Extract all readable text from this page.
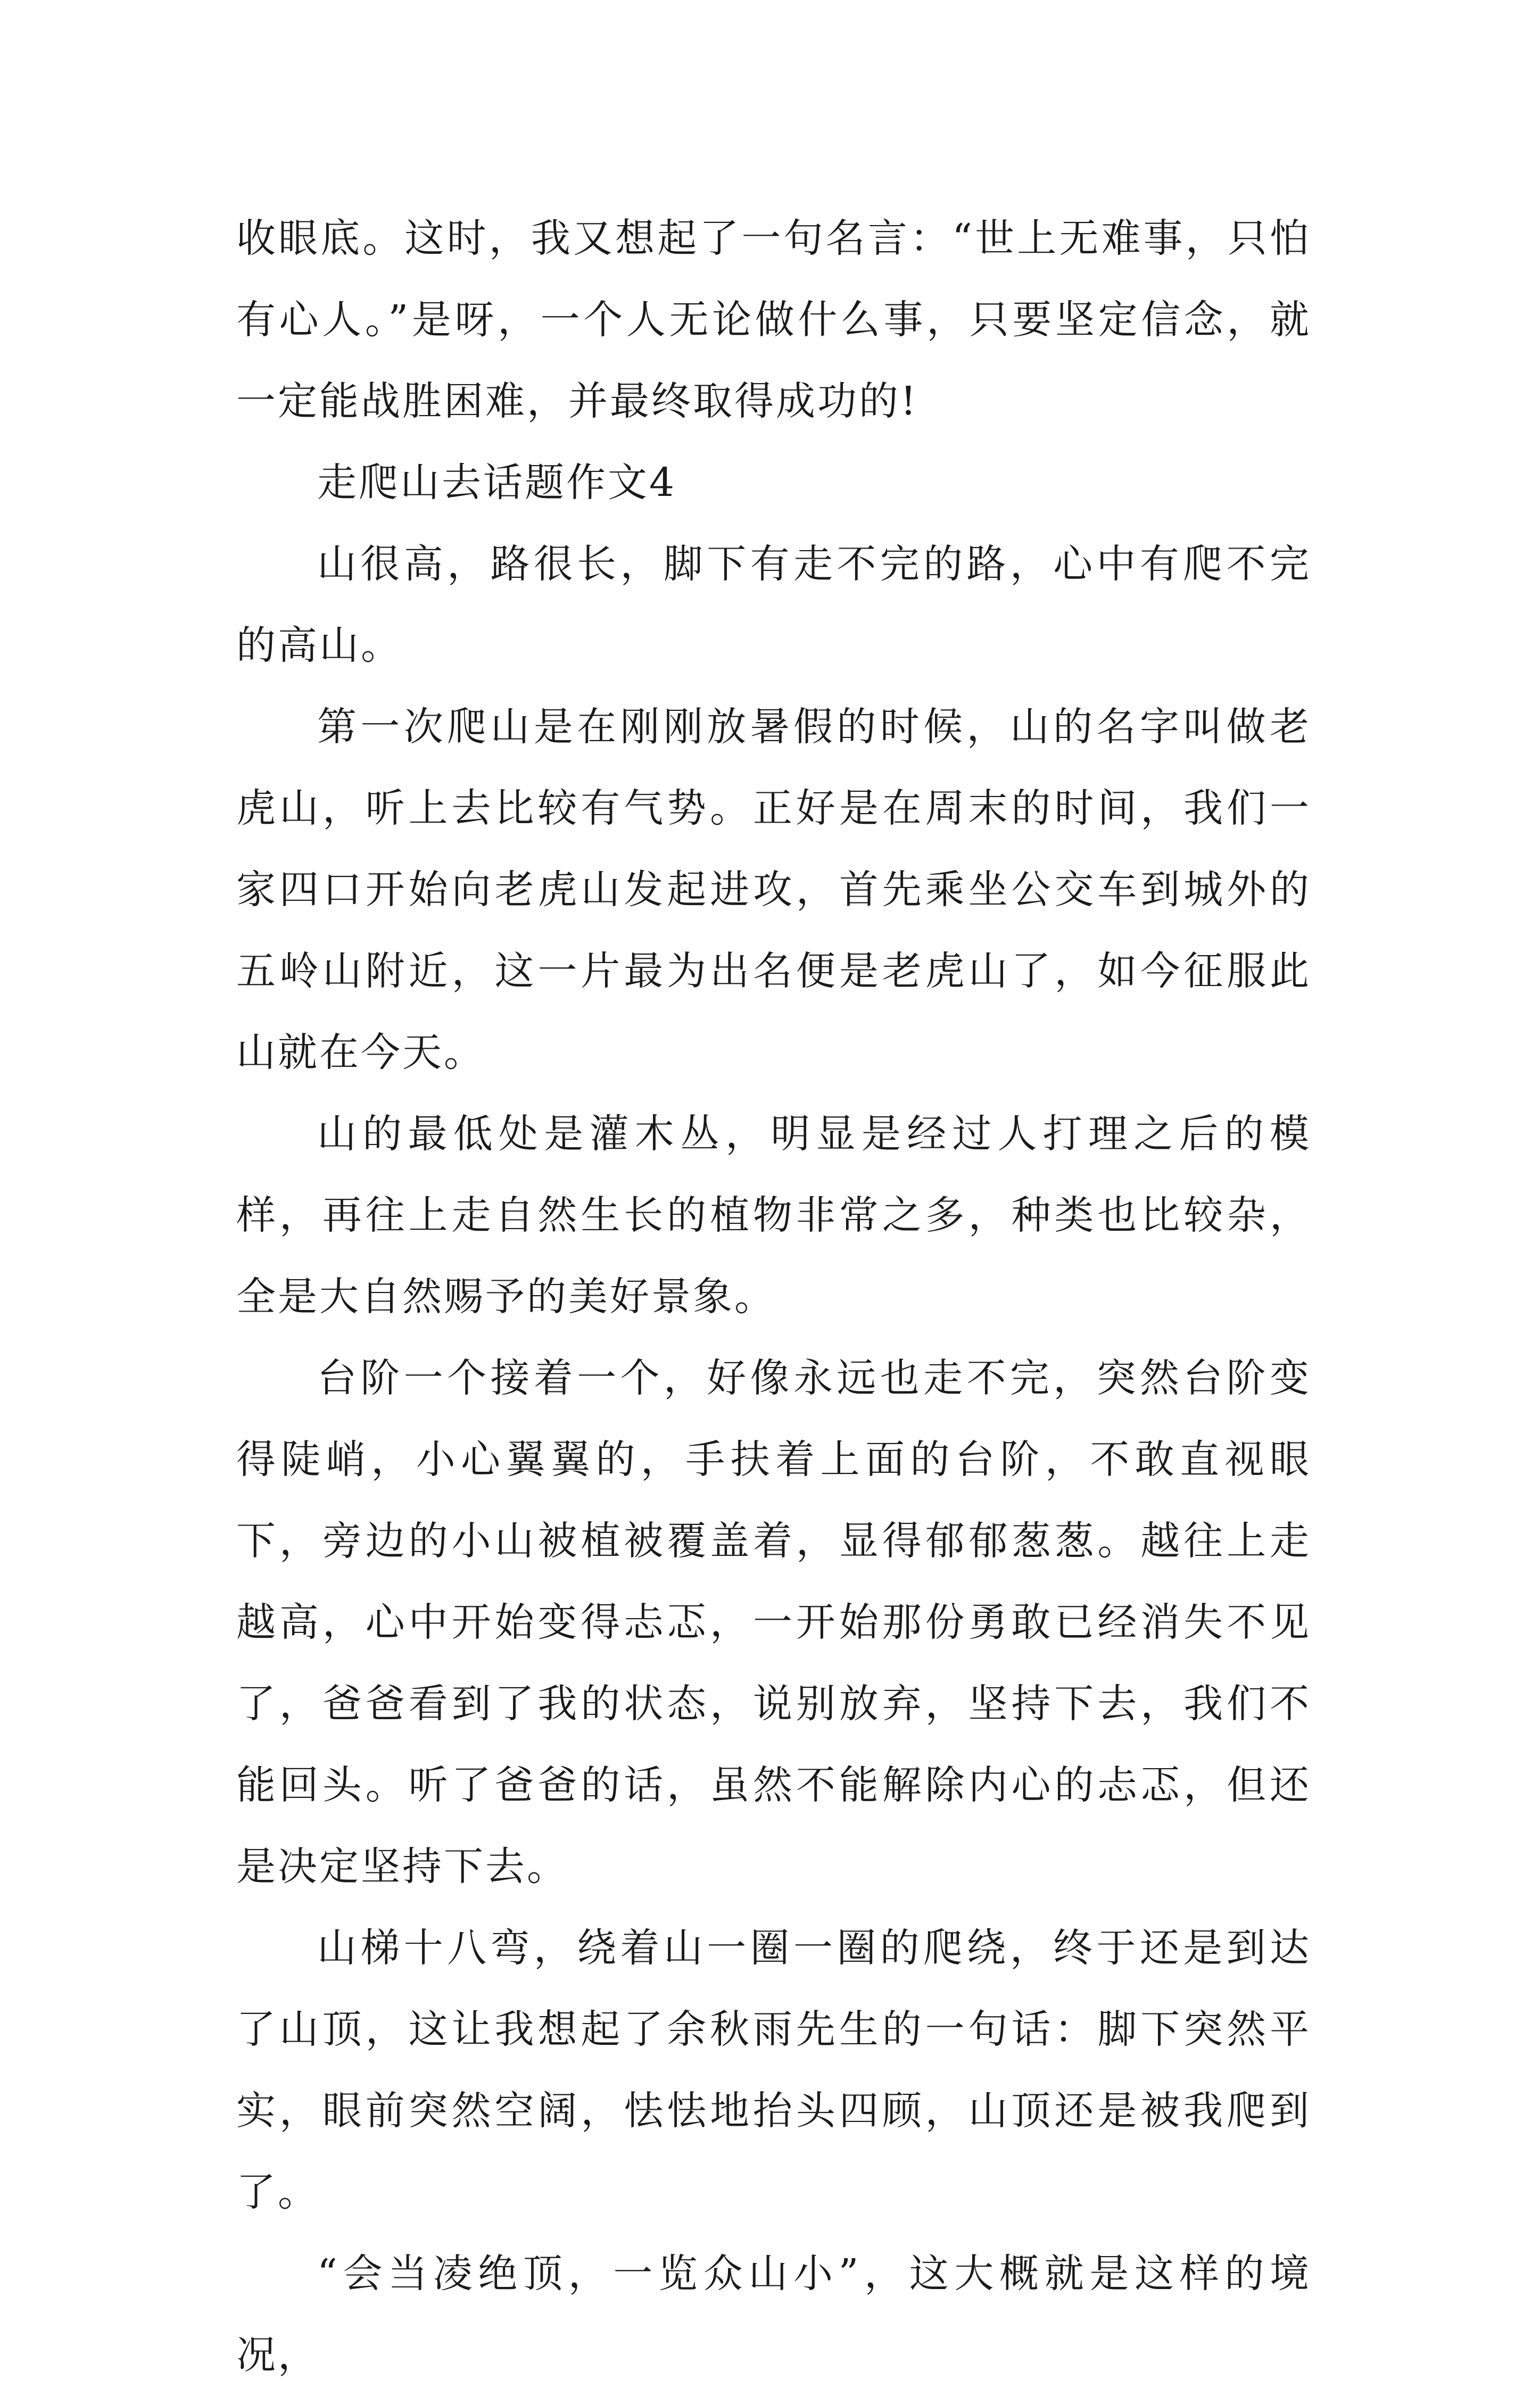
收眼底。这时，我又想起了一句名言：“世上无难事，只怕有心人。”是呀，一个人无论做什么事，只要坚定信念，就一定能战胜困难，并最终取得成功的!

走爬山去话题作文4

山很高，路很长，脚下有走不完的路，心中有爬不完的高山。

第一次爬山是在刚刚放暑假的时候，山的名字叫做老虎山，听上去比较有气势。正好是在周末的时间，我们一家四口开始向老虎山发起进攻，首先乘坐公交车到城外的五岭山附近，这一片最为出名便是老虎山了，如今征服此山就在今天。

山的最低处是灌木丛，明显是经过人打理之后的模样，再往上走自然生长的植物非常之多，种类也比较杂，全是大自然赐予的美好景象。

台阶一个接着一个，好像永远也走不完，突然台阶变得陡峭，小心翼翼的，手扶着上面的台阶，不敢直视眼下，旁边的小山被植被覆盖着，显得郁郁葱葱。越往上走越高，心中开始变得忐忑，一开始那份勇敢已经消失不见了，爸爸看到了我的状态，说别放弃，坚持下去，我们不能回头。听了爸爸的话，虽然不能解除内心的忐忑，但还是决定坚持下去。

山梯十八弯，绕着山一圈一圈的爬绕，终于还是到达了山顶，这让我想起了余秋雨先生的一句话：脚下突然平实，眼前突然空阔，怯怯地抬头四顾，山顶还是被我爬到了。

“会当凌绝顶，一览众山小”，这大概就是这样的境况，
